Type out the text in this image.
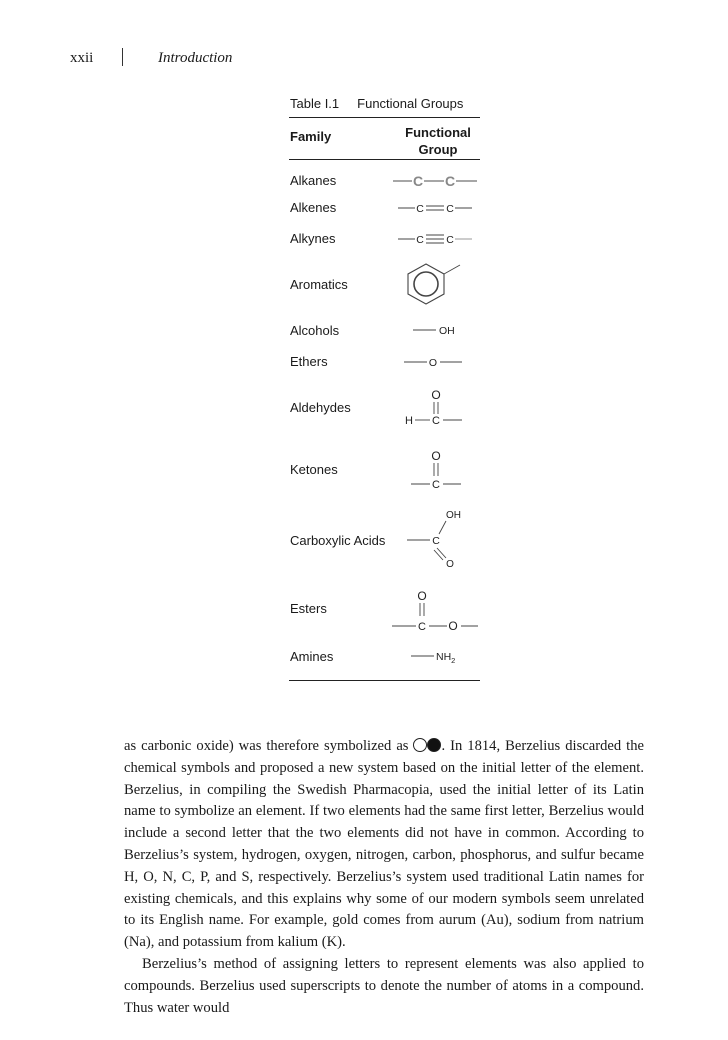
xxii	Introduction
Table I.1 Functional Groups
Family	Functional
Group
Alkanes
Alkenes
Alkynes
Aromatics
Alcohols
Ethers
Aldehydes
Ketones
Carboxylic Acids
Esters
Amines
C C
C C
C C
OH
O
O
H C
O
C
OH
C
O
O
C O
$NH_2$

as carbonic oxide) was therefore symbolized as . In 1814, Berzelius discarded the chemical symbols and proposed a new system based on the initial letter of the element. Berzelius, in compiling the Swedish Pharmacopia, used the initial letter of its Latin name to symbolize an element. If two elements had the same first letter, Berzelius would include a second letter that the two elements did not have in common. According to Berzelius’s system, hydrogen, oxygen, nitrogen, carbon, phosphorus, and sulfur became H, O, N, C, P, and S, respectively. Berzelius’s system used traditional Latin names for existing chemicals, and this explains why some of our modern symbols seem unrelated to its English name. For example, gold comes from aurum (Au), sodium from natrium (Na), and potassium from kalium (K).

Berzelius’s method of assigning letters to represent elements was also applied to compounds. Berzelius used superscripts to denote the number of atoms in a compound. Thus water would
